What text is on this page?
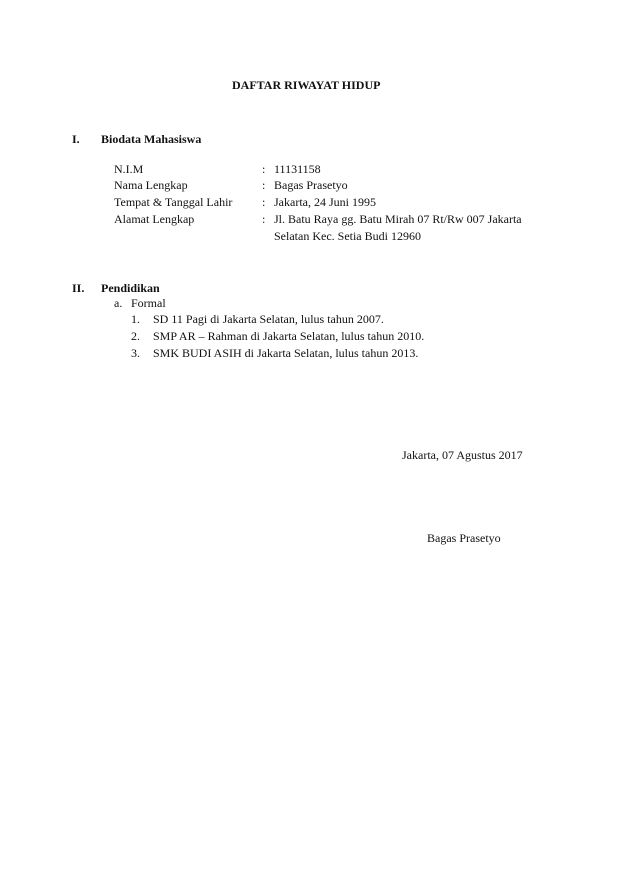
DAFTAR RIWAYAT HIDUP
I. Biodata Mahasiswa
N.I.M	: 11131158
Nama Lengkap	: Bagas Prasetyo
Tempat & Tanggal Lahir : Jakarta, 24 Juni 1995
Alamat Lengkap	: Jl. Batu Raya gg. Batu Mirah 07 Rt/Rw 007 Jakarta
Selatan Kec. Setia Budi 12960
II. Pendidikan
a. Formal
1. SD 11 Pagi di Jakarta Selatan, lulus tahun 2007.
2. SMP AR – Rahman di Jakarta Selatan, lulus tahun 2010.
3. SMK BUDI ASIH di Jakarta Selatan, lulus tahun 2013.
Jakarta, 07 Agustus 2017
Bagas Prasetyo
